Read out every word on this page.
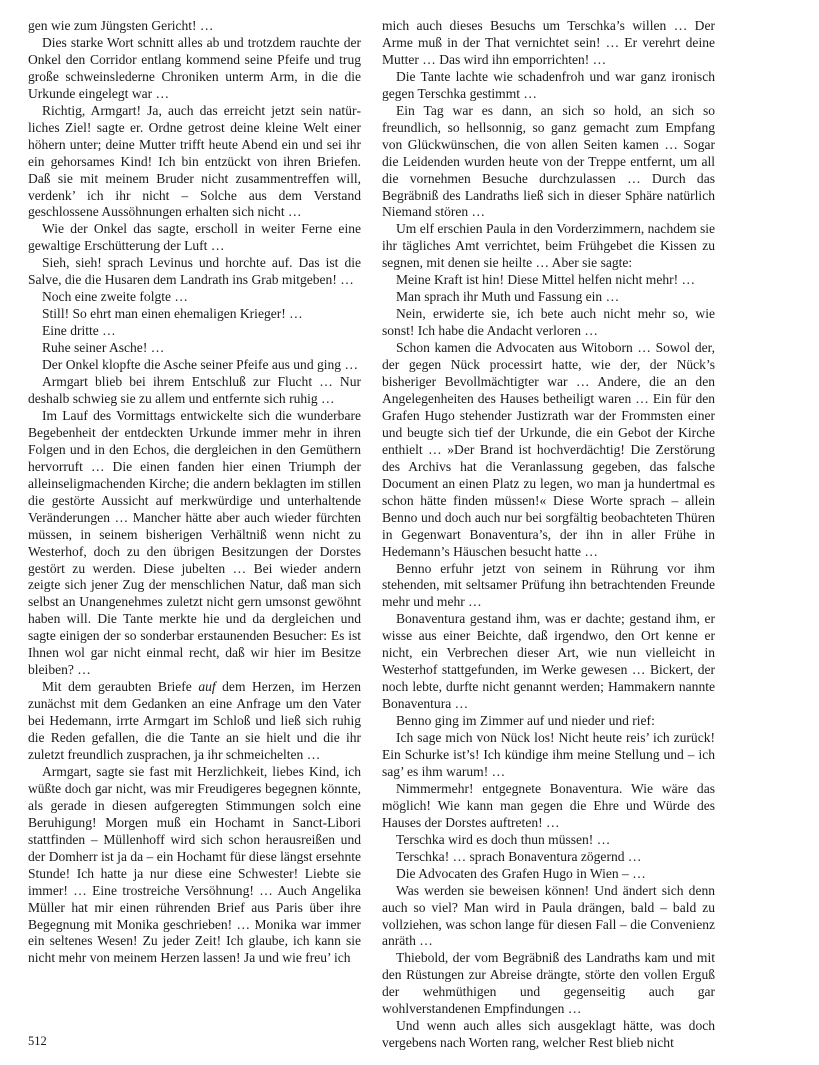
gen wie zum Jüngsten Gericht! …

Dies starke Wort schnitt alles ab und trotzdem rauchte der Onkel den Corridor entlang kommend seine Pfeife und trug große schweinslederne Chroniken unterm Arm, in die die Urkunde eingelegt war …

Richtig, Armgart! Ja, auch das erreicht jetzt sein natürliches Ziel! sagte er. Ordne getrost deine kleine Welt einer höhern unter; deine Mutter trifft heute Abend ein und sei ihr ein gehorsames Kind! Ich bin entzückt von ihren Briefen. Daß sie mit meinem Bruder nicht zusammentreffen will, verdenk’ ich ihr nicht – Solche aus dem Verstand geschlossene Aussöhnungen erhalten sich nicht …

Wie der Onkel das sagte, erscholl in weiter Ferne eine gewaltige Erschütterung der Luft …

Sieh, sieh! sprach Levinus und horchte auf. Das ist die Salve, die die Husaren dem Landrath ins Grab mitgeben! …

Noch eine zweite folgte …

Still! So ehrt man einen ehemaligen Krieger! …

Eine dritte …

Ruhe seiner Asche! …

Der Onkel klopfte die Asche seiner Pfeife aus und ging …

Armgart blieb bei ihrem Entschluß zur Flucht … Nur deshalb schwieg sie zu allem und entfernte sich ruhig …

Im Lauf des Vormittags entwickelte sich die wunderbare Begebenheit der entdeckten Urkunde immer mehr in ihren Folgen und in den Echos, die dergleichen in den Gemüthern hervorruft … Die einen fanden hier einen Triumph der alleinseligmachenden Kirche; die andern beklagten im stillen die gestörte Aussicht auf merkwürdige und unterhaltende Veränderungen … Mancher hätte aber auch wieder fürchten müssen, in seinem bisherigen Verhältniß wenn nicht zu Westerhof, doch zu den übrigen Besitzungen der Dorstes gestört zu werden. Diese jubelten … Bei wieder andern zeigte sich jener Zug der menschlichen Natur, daß man sich selbst an Unangenehmes zuletzt nicht gern umsonst gewöhnt haben will. Die Tante merkte hie und da dergleichen und sagte einigen der so sonderbar erstaunenden Besucher: Es ist Ihnen wol gar nicht einmal recht, daß wir hier im Besitze bleiben? …

Mit dem geraubten Briefe auf dem Herzen, im Herzen zunächst mit dem Gedanken an eine Anfrage um den Vater bei Hedemann, irrte Armgart im Schloß und ließ sich ruhig die Reden gefallen, die die Tante an sie hielt und die ihr zuletzt freundlich zusprachen, ja ihr schmeichelten …

Armgart, sagte sie fast mit Herzlichkeit, liebes Kind, ich wüßte doch gar nicht, was mir Freudigeres begegnen könnte, als gerade in diesen aufgeregten Stimmungen solch eine Beruhigung! Morgen muß ein Hochamt in Sanct-Libori stattfinden – Müllenhoff wird sich schon herausreißen und der Domherr ist ja da – ein Hochamt für diese längst ersehnte Stunde! Ich hatte ja nur diese eine Schwester! Liebte sie immer! … Eine trostreiche Versöhnung! … Auch Angelika Müller hat mir einen rührenden Brief aus Paris über ihre Begegnung mit Monika geschrieben! … Monika war immer ein seltenes Wesen! Zu jeder Zeit! Ich glaube, ich kann sie nicht mehr von meinem Herzen lassen! Ja und wie freu’ ich

mich auch dieses Besuchs um Terschka’s willen … Der Arme muß in der That vernichtet sein! … Er verehrt deine Mutter … Das wird ihn emporrichten! …

Die Tante lachte wie schadenfroh und war ganz ironisch gegen Terschka gestimmt …

Ein Tag war es dann, an sich so hold, an sich so freundlich, so hellsonnig, so ganz gemacht zum Empfang von Glückwünschen, die von allen Seiten kamen … Sogar die Leidenden wurden heute von der Treppe entfernt, um all die vornehmen Besuche durchzulassen … Durch das Begräbniß des Landraths ließ sich in dieser Sphäre natürlich Niemand stören …

Um elf erschien Paula in den Vorderzimmern, nachdem sie ihr tägliches Amt verrichtet, beim Frühgebet die Kissen zu segnen, mit denen sie heilte … Aber sie sagte:

Meine Kraft ist hin! Diese Mittel helfen nicht mehr! …

Man sprach ihr Muth und Fassung ein …

Nein, erwiderte sie, ich bete auch nicht mehr so, wie sonst! Ich habe die Andacht verloren …

Schon kamen die Advocaten aus Witoborn … Sowol der, der gegen Nück processirt hatte, wie der, der Nück’s bisheriger Bevollmächtigter war … Andere, die an den Angelegenheiten des Hauses betheiligt waren … Ein für den Grafen Hugo stehender Justizrath war der Frommsten einer und beugte sich tief der Urkunde, die ein Gebot der Kirche enthielt … »Der Brand ist hochverdächtig! Die Zerstörung des Archivs hat die Veranlassung gegeben, das falsche Document an einen Platz zu legen, wo man ja hundertmal es schon hätte finden müssen!« Diese Worte sprach – allein Benno und doch auch nur bei sorgfältig beobachteten Thüren in Gegenwart Bonaventura’s, der ihn in aller Frühe in Hedemann’s Häuschen besucht hatte …

Benno erfuhr jetzt von seinem in Rührung vor ihm stehenden, mit seltsamer Prüfung ihn betrachtenden Freunde mehr und mehr …

Bonaventura gestand ihm, was er dachte; gestand ihm, er wisse aus einer Beichte, daß irgendwo, den Ort kenne er nicht, ein Verbrechen dieser Art, wie nun vielleicht in Westerhof stattgefunden, im Werke gewesen … Bickert, der noch lebte, durfte nicht genannt werden; Hammakern nannte Bonaventura …

Benno ging im Zimmer auf und nieder und rief:

Ich sage mich von Nück los! Nicht heute reis’ ich zurück! Ein Schurke ist’s! Ich kündige ihm meine Stellung und – ich sag’ es ihm warum! …

Nimmermehr! entgegnete Bonaventura. Wie wäre das möglich! Wie kann man gegen die Ehre und Würde des Hauses der Dorstes auftreten! …

Terschka wird es doch thun müssen! …

Terschka! … sprach Bonaventura zögernd …

Die Advocaten des Grafen Hugo in Wien – …

Was werden sie beweisen können! Und ändert sich denn auch so viel? Man wird in Paula drängen, bald – bald zu vollziehen, was schon lange für diesen Fall – die Convenienz anräth …

Thiebold, der vom Begräbniß des Landraths kam und mit den Rüstungen zur Abreise drängte, störte den vollen Erguß der wehmüthigen und gegenseitig auch gar wohlverstandenen Empfindungen …

Und wenn auch alles sich ausgeklagt hätte, was doch vergebens nach Worten rang, welcher Rest blieb nicht

512
